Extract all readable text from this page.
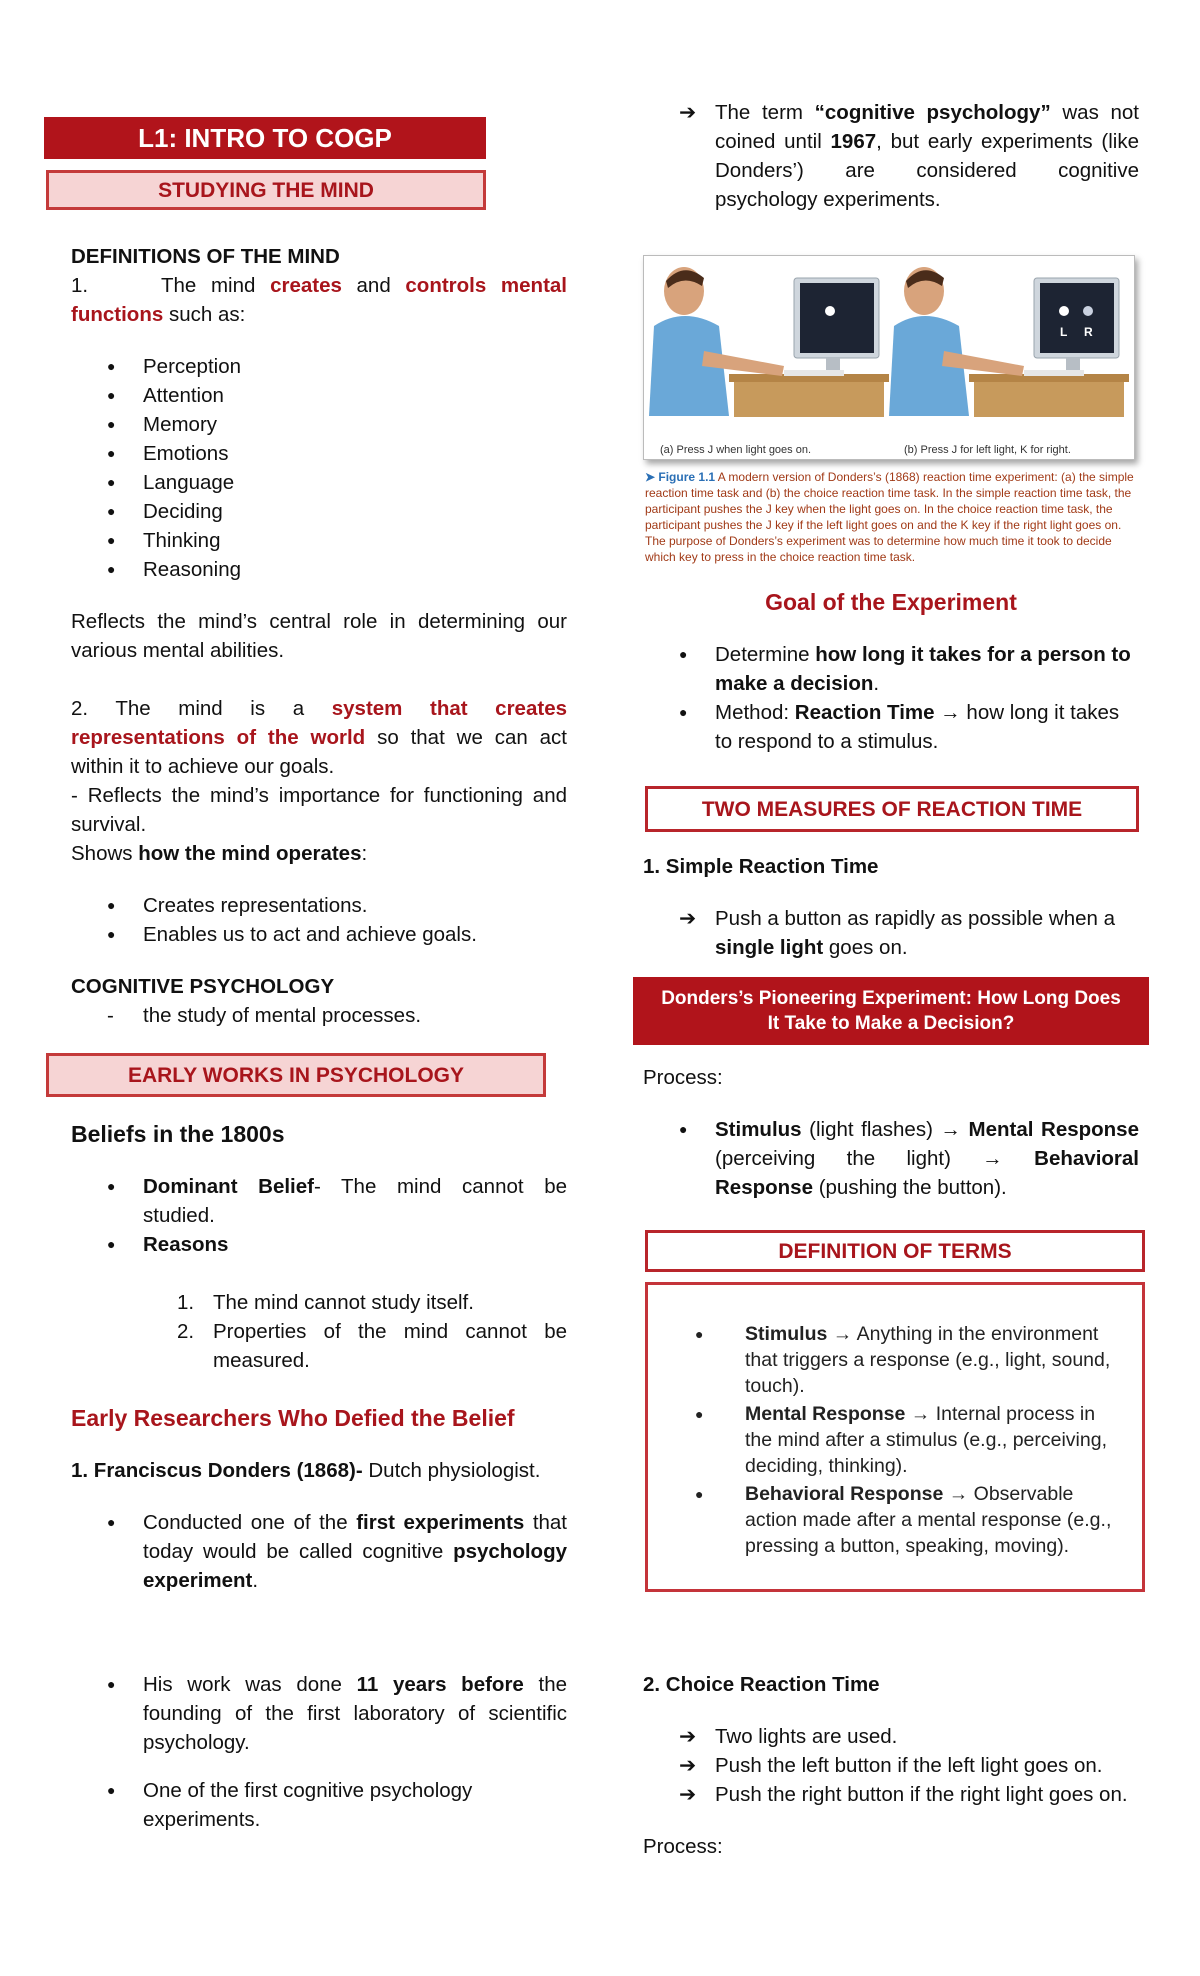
L1: INTRO TO COGP
STUDYING THE MIND
DEFINITIONS OF THE MIND
1.	The mind creates and controls mental functions such as:
● Perception
● Attention
● Memory
● Emotions
● Language
● Deciding
● Thinking
● Reasoning
Reflects the mind’s central role in determining our various mental abilities.
2. The mind is a system that creates representations of the world so that we can act within it to achieve our goals.
- Reflects the mind’s importance for functioning and survival.
Shows how the mind operates:
● Creates representations.
● Enables us to act and achieve goals.
COGNITIVE PSYCHOLOGY
- the study of mental processes.
EARLY WORKS IN PSYCHOLOGY
Beliefs in the 1800s
● Dominant Belief- The mind cannot be studied.
● Reasons
1. The mind cannot study itself.
2. Properties of the mind cannot be measured.
Early Researchers Who Defied the Belief
1. Franciscus Donders (1868)- Dutch physiologist.
● Conducted one of the first experiments that today would be called cognitive psychology experiment.
● His work was done 11 years before the founding of the first laboratory of scientific psychology.
● One of the first cognitive psychology experiments.
➔ The term “cognitive psychology” was not coined until 1967, but early experiments (like Donders’) are considered cognitive psychology experiments.
L R
(a) Press J when light goes on.	(b) Press J for left light, K for right.
➤ Figure 1.1 A modern version of Donders’s (1868) reaction time experiment: (a) the simple reaction time task and (b) the choice reaction time task. In the simple reaction time task, the participant pushes the J key when the light goes on. In the choice reaction time task, the participant pushes the J key if the left light goes on and the K key if the right light goes on. The purpose of Donders’s experiment was to determine how much time it took to decide which key to press in the choice reaction time task.
Goal of the Experiment
● Determine how long it takes for a person to make a decision.
● Method: Reaction Time → how long it takes to respond to a stimulus.
TWO MEASURES OF REACTION TIME
1. Simple Reaction Time
➔ Push a button as rapidly as possible when a single light goes on.
Donders’s Pioneering Experiment: How Long Does
It Take to Make a Decision?
Process:
● Stimulus (light flashes) → Mental Response (perceiving the light) → Behavioral Response (pushing the button).
DEFINITION OF TERMS
● Stimulus → Anything in the environment that triggers a response (e.g., light, sound, touch).
● Mental Response → Internal process in the mind after a stimulus (e.g., perceiving, deciding, thinking).
● Behavioral Response → Observable action made after a mental response (e.g., pressing a button, speaking, moving).
2. Choice Reaction Time
➔ Two lights are used.
➔ Push the left button if the left light goes on.
➔ Push the right button if the right light goes on.
Process:
